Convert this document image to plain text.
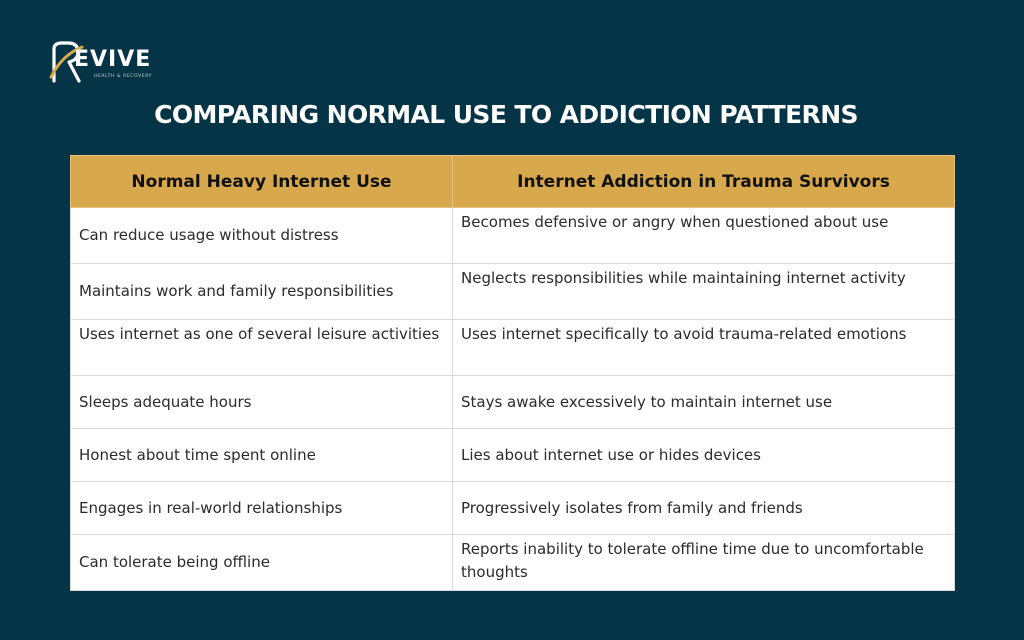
EVIVE
HEALTH & RECOVERY
COMPARING NORMAL USE TO ADDICTION PATTERNS
Normal Heavy Internet Use	Internet Addiction in Trauma Survivors
Can reduce usage without distress	Becomes defensive or angry when questioned about use
Maintains work and family responsibilities	Neglects responsibilities while maintaining internet activity
Uses internet as one of several leisure activities	Uses internet specifically to avoid trauma-related emotions
Sleeps adequate hours	Stays awake excessively to maintain internet use
Honest about time spent online	Lies about internet use or hides devices
Engages in real-world relationships	Progressively isolates from family and friends
Can tolerate being offline	Reports inability to tolerate offline time due to uncomfortable thoughts
